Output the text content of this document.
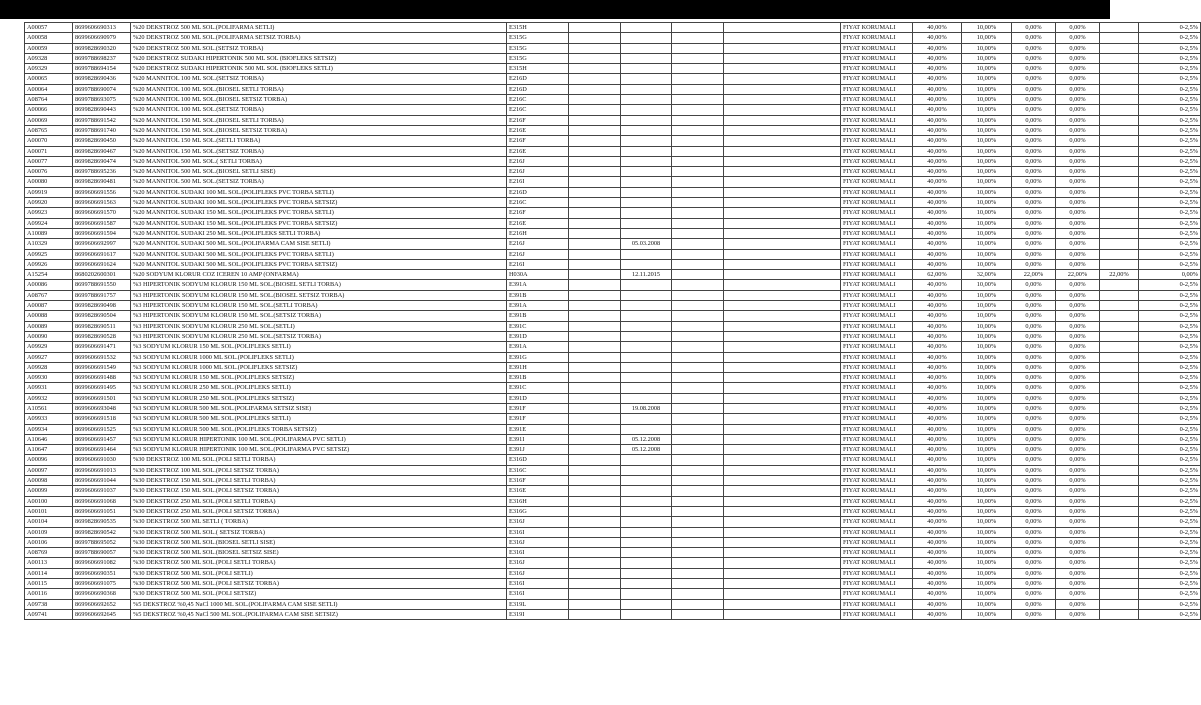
A00057	8699606690313	%20 DEKSTROZ 500 ML SOL.(POLIFARMA SETLI)	E315H					FIYAT KORUMALI	40,00%	10,00%	0,00%	0,00%		0-2,5%
A00058	8699606690979	%20 DEKSTROZ 500 ML SOL.(POLIFARMA SETSIZ TORBA)	E315G					FIYAT KORUMALI	40,00%	10,00%	0,00%	0,00%		0-2,5%
A00059	8699828690320	%20 DEKSTROZ 500 ML SOL.(SETSIZ TORBA)	E315G					FIYAT KORUMALI	40,00%	10,00%	0,00%	0,00%		0-2,5%
A09328	8699788698237	%20 DEKSTROZ SUDAKI HIPERTONIK 500 ML SOL (BIOFLEKS SETSIZ)	E315G					FIYAT KORUMALI	40,00%	10,00%	0,00%	0,00%		0-2,5%
A09329	8699788694154	%20 DEKSTROZ SUDAKI HIPERTONIK 500 ML SOL (BIOFLEKS SETLI)	E315H					FIYAT KORUMALI	40,00%	10,00%	0,00%	0,00%		0-2,5%
A00065	8699828690436	%20 MANNITOL 100 ML SOL.(SETSIZ TORBA)	E216D					FIYAT KORUMALI	40,00%	10,00%	0,00%	0,00%		0-2,5%
A00064	8699788690074	%20 MANNITOL 100 ML SOL.(BIOSEL SETLI TORBA)	E216D					FIYAT KORUMALI	40,00%	10,00%	0,00%	0,00%		0-2,5%
A08764	8699788693075	%20 MANNITOL 100 ML SOL.(BIOSEL SETSIZ TORBA)	E216C					FIYAT KORUMALI	40,00%	10,00%	0,00%	0,00%		0-2,5%
A00066	8699828690443	%20 MANNITOL 100 ML SOL.(SETSIZ TORBA)	E216C					FIYAT KORUMALI	40,00%	10,00%	0,00%	0,00%		0-2,5%
A00069	8699788691542	%20 MANNITOL 150 ML SOL.(BIOSEL SETLI TORBA)	E216F					FIYAT KORUMALI	40,00%	10,00%	0,00%	0,00%		0-2,5%
A08765	8699788691740	%20 MANNITOL 150 ML SOL.(BIOSEL SETSIZ TORBA)	E216E					FIYAT KORUMALI	40,00%	10,00%	0,00%	0,00%		0-2,5%
A00070	8699828690450	%20 MANNITOL 150 ML SOL.(SETLI TORBA)	E216F					FIYAT KORUMALI	40,00%	10,00%	0,00%	0,00%		0-2,5%
A00071	8699828690467	%20 MANNITOL 150 ML SOL.(SETSIZ TORBA)	E216E					FIYAT KORUMALI	40,00%	10,00%	0,00%	0,00%		0-2,5%
A00077	8699828690474	%20 MANNITOL 500 ML SOL.( SETLI TORBA)	E216J					FIYAT KORUMALI	40,00%	10,00%	0,00%	0,00%		0-2,5%
A00076	8699788695236	%20 MANNITOL 500 ML SOL.(BIOSEL SETLI SISE)	E216J					FIYAT KORUMALI	40,00%	10,00%	0,00%	0,00%		0-2,5%
A00080	8699828690481	%20 MANNITOL 500 ML SOL.(SETSIZ TORBA)	E216I					FIYAT KORUMALI	40,00%	10,00%	0,00%	0,00%		0-2,5%
A09919	8699606691556	%20 MANNITOL SUDAKI 100 ML SOL.(POLIFLEKS PVC TORBA SETLI)	E216D					FIYAT KORUMALI	40,00%	10,00%	0,00%	0,00%		0-2,5%
A09920	8699606691563	%20 MANNITOL SUDAKI 100 ML SOL.(POLIFLEKS PVC TORBA SETSIZ)	E216C					FIYAT KORUMALI	40,00%	10,00%	0,00%	0,00%		0-2,5%
A09923	8699606691570	%20 MANNITOL SUDAKI 150 ML SOL.(POLIFLEKS PVC TORBA SETLI)	E216F					FIYAT KORUMALI	40,00%	10,00%	0,00%	0,00%		0-2,5%
A09924	8699606691587	%20 MANNITOL SUDAKI 150 ML SOL.(POLIFLEKS PVC TORBA SETSIZ)	E216E					FIYAT KORUMALI	40,00%	10,00%	0,00%	0,00%		0-2,5%
A10089	8699606691594	%20 MANNITOL SUDAKI 250 ML SOL.(POLIFLEKS SETLI TORBA)	E216H					FIYAT KORUMALI	40,00%	10,00%	0,00%	0,00%		0-2,5%
A10329	8699606692997	%20 MANNITOL SUDAKI 500 ML SOL.(POLIFARMA CAM SISE SETLI)	E216J		05.03.2008			FIYAT KORUMALI	40,00%	10,00%	0,00%	0,00%		0-2,5%
A09925	8699606691617	%20 MANNITOL SUDAKI 500 ML SOL.(POLIFLEKS PVC TORBA SETLI)	E216J					FIYAT KORUMALI	40,00%	10,00%	0,00%	0,00%		0-2,5%
A09926	8699606691624	%20 MANNITOL SUDAKI 500 ML SOL.(POLIFLEKS PVC TORBA SETSIZ)	E216I					FIYAT KORUMALI	40,00%	10,00%	0,00%	0,00%		0-2,5%
A15254	8680202600301	%20 SODYUM KLORUR COZ ICEREN 10 AMP (ONFARMA)	H030A		12.11.2015			FIYAT KORUMALI	62,00%	32,00%	22,00%	22,00%	22,00%	0,00%
A00086	8699788691550	%3 HIPERTONIK SODYUM KLORUR 150 ML SOL.(BIOSEL SETLI TORBA)	E391A					FIYAT KORUMALI	40,00%	10,00%	0,00%	0,00%		0-2,5%
A08767	8699788691757	%3 HIPERTONIK SODYUM KLORUR 150 ML SOL.(BIOSEL SETSIZ TORBA)	E391B					FIYAT KORUMALI	40,00%	10,00%	0,00%	0,00%		0-2,5%
A00087	8699828690498	%3 HIPERTONIK SODYUM KLORUR 150 ML SOL.(SETLI TORBA)	E391A					FIYAT KORUMALI	40,00%	10,00%	0,00%	0,00%		0-2,5%
A00088	8699828690504	%3 HIPERTONIK SODYUM KLORUR 150 ML SOL.(SETSIZ TORBA)	E391B					FIYAT KORUMALI	40,00%	10,00%	0,00%	0,00%		0-2,5%
A00089	8699828690511	%3 HIPERTONIK SODYUM KLORUR 250 ML SOL.(SETLI)	E391C					FIYAT KORUMALI	40,00%	10,00%	0,00%	0,00%		0-2,5%
A00090	8699828690528	%3 HIPERTONIK SODYUM KLORUR 250 ML SOL.(SETSIZ TORBA)	E391D					FIYAT KORUMALI	40,00%	10,00%	0,00%	0,00%		0-2,5%
A09929	8699606691471	%3 SODYUM KLORUR 150 ML SOL.(POLIFLEKS SETLI)	E391A					FIYAT KORUMALI	40,00%	10,00%	0,00%	0,00%		0-2,5%
A09927	8699606691532	%3 SODYUM KLORUR 1000 ML SOL.(POLIFLEKS SETLI)	E391G					FIYAT KORUMALI	40,00%	10,00%	0,00%	0,00%		0-2,5%
A09928	8699606691549	%3 SODYUM KLORUR 1000 ML SOL.(POLIFLEKS SETSIZ)	E391H					FIYAT KORUMALI	40,00%	10,00%	0,00%	0,00%		0-2,5%
A09930	8699606691488	%3 SODYUM KLORUR 150 ML SOL.(POLIFLEKS SETSIZ)	E391B					FIYAT KORUMALI	40,00%	10,00%	0,00%	0,00%		0-2,5%
A09931	8699606691495	%3 SODYUM KLORUR 250 ML SOL.(POLIFLEKS SETLI)	E391C					FIYAT KORUMALI	40,00%	10,00%	0,00%	0,00%		0-2,5%
A09932	8699606691501	%3 SODYUM KLORUR 250 ML SOL.(POLIFLEKS SETSIZ)	E391D					FIYAT KORUMALI	40,00%	10,00%	0,00%	0,00%		0-2,5%
A10561	8699606693048	%3 SODYUM KLORUR 500 ML SOL.(POLIFARMA SETSIZ SISE)	E391F		19.08.2008			FIYAT KORUMALI	40,00%	10,00%	0,00%	0,00%		0-2,5%
A09933	8699606691518	%3 SODYUM KLORUR 500 ML SOL.(POLIFLEKS SETLI)	E391F					FIYAT KORUMALI	40,00%	10,00%	0,00%	0,00%		0-2,5%
A09934	8699606691525	%3 SODYUM KLORUR 500 ML SOL.(POLIFLEKS TORBA SETSIZ)	E391E					FIYAT KORUMALI	40,00%	10,00%	0,00%	0,00%		0-2,5%
A10646	8699606691457	%3 SODYUM KLORUR HIPERTONIK 100 ML SOL.(POLIFARMA PVC SETLI)	E391I		05.12.2008			FIYAT KORUMALI	40,00%	10,00%	0,00%	0,00%		0-2,5%
A10647	8699606691464	%3 SODYUM KLORUR HIPERTONIK 100 ML SOL.(POLIFARMA PVC SETSIZ)	E391J		05.12.2008			FIYAT KORUMALI	40,00%	10,00%	0,00%	0,00%		0-2,5%
A00096	8699606691030	%30 DEKSTROZ 100 ML SOL.(POLI SETLI TORBA)	E316D					FIYAT KORUMALI	40,00%	10,00%	0,00%	0,00%		0-2,5%
A00097	8699606691013	%30 DEKSTROZ 100 ML SOL.(POLI SETSIZ TORBA)	E316C					FIYAT KORUMALI	40,00%	10,00%	0,00%	0,00%		0-2,5%
A00098	8699606691044	%30 DEKSTROZ 150 ML SOL.(POLI SETLI TORBA)	E316F					FIYAT KORUMALI	40,00%	10,00%	0,00%	0,00%		0-2,5%
A00099	8699606691037	%30 DEKSTROZ 150 ML SOL.(POLI SETSIZ TORBA)	E316E					FIYAT KORUMALI	40,00%	10,00%	0,00%	0,00%		0-2,5%
A00100	8699606691068	%30 DEKSTROZ 250 ML SOL.(POLI SETLI TORBA)	E316H					FIYAT KORUMALI	40,00%	10,00%	0,00%	0,00%		0-2,5%
A00101	8699606691051	%30 DEKSTROZ 250 ML SOL.(POLI SETSIZ TORBA)	E316G					FIYAT KORUMALI	40,00%	10,00%	0,00%	0,00%		0-2,5%
A00104	8699828690535	%30 DEKSTROZ 500 ML SETLI ( TORBA)	E316J					FIYAT KORUMALI	40,00%	10,00%	0,00%	0,00%		0-2,5%
A00109	8699828690542	%30 DEKSTROZ 500 ML SOL.( SETSIZ TORBA)	E316I					FIYAT KORUMALI	40,00%	10,00%	0,00%	0,00%		0-2,5%
A00106	8699788695052	%30 DEKSTROZ 500 ML SOL.(BIOSEL SETLI SISE)	E316J					FIYAT KORUMALI	40,00%	10,00%	0,00%	0,00%		0-2,5%
A08769	8699788690057	%30 DEKSTROZ 500 ML SOL.(BIOSEL SETSIZ SISE)	E316I					FIYAT KORUMALI	40,00%	10,00%	0,00%	0,00%		0-2,5%
A00113	8699606691082	%30 DEKSTROZ 500 ML SOL.(POLI SETLI TORBA)	E316J					FIYAT KORUMALI	40,00%	10,00%	0,00%	0,00%		0-2,5%
A00114	8699606690351	%30 DEKSTROZ 500 ML SOL.(POLI SETLI)	E316J					FIYAT KORUMALI	40,00%	10,00%	0,00%	0,00%		0-2,5%
A00115	8699606691075	%30 DEKSTROZ 500 ML SOL.(POLI SETSIZ TORBA)	E316I					FIYAT KORUMALI	40,00%	10,00%	0,00%	0,00%		0-2,5%
A00116	8699606690368	%30 DEKSTROZ 500 ML SOL.(POLI SETSIZ)	E316I					FIYAT KORUMALI	40,00%	10,00%	0,00%	0,00%		0-2,5%
A09738	8699606692652	%5 DEKSTROZ %0,45 NaCl 1000 ML SOL.(POLIFARMA CAM SISE SETLI)	E319L					FIYAT KORUMALI	40,00%	10,00%	0,00%	0,00%		0-2,5%
A09741	8699606692645	%5 DEKSTROZ %0,45 NaCl 500 ML SOL.(POLIFARMA CAM SISE SETSIZ)	E319I					FIYAT KORUMALI	40,00%	10,00%	0,00%	0,00%		0-2,5%
